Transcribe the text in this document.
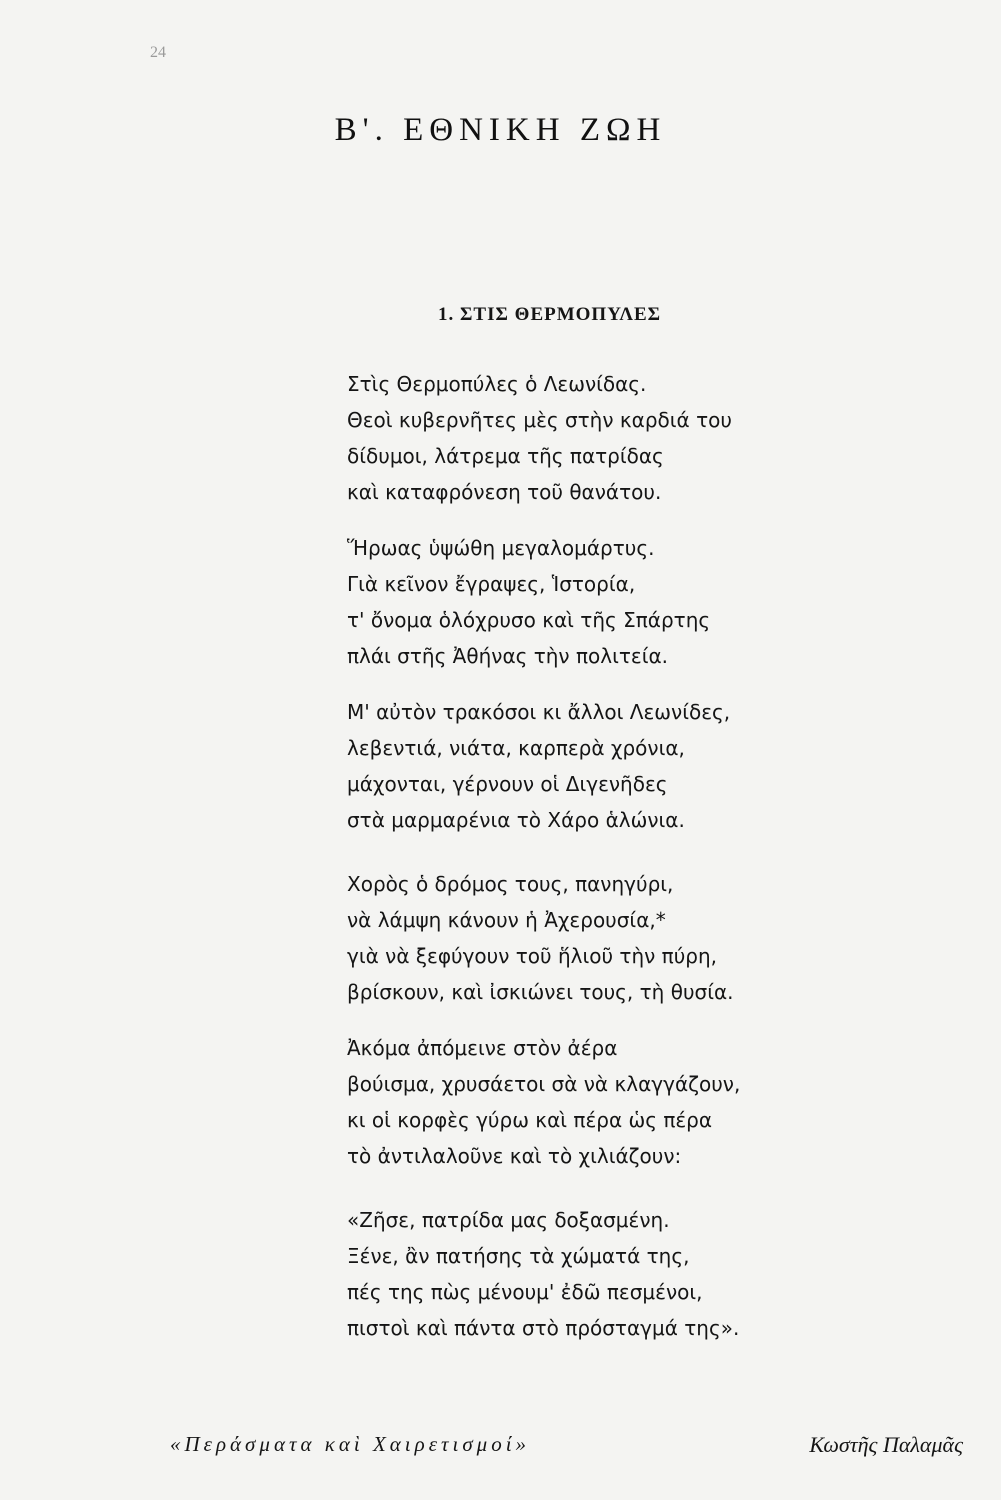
24
Β'. ΕΘΝΙΚΗ ΖΩΗ
1. ΣΤΙΣ ΘΕΡΜΟΠΥΛΕΣ
Στὶς Θερμοπύλες ὁ Λεωνίδας.
Θεοὶ κυβερνῆτες μὲς στὴν καρδιά του
δίδυμοι, λάτρεμα τῆς πατρίδας
καὶ καταφρόνεση τοῦ θανάτου.
Ἥρωας ὑψώθη μεγαλομάρτυς.
Γιὰ κεῖνον ἔγραψες, Ἱστορία,
τ' ὄνομα ὁλόχρυσο καὶ τῆς Σπάρτης
πλάι στῆς Ἀθήνας τὴν πολιτεία.
Μ' αὐτὸν τρακόσοι κι ἄλλοι Λεωνίδες,
λεβεντιά, νιάτα, καρπερὰ χρόνια,
μάχονται, γέρνουν οἱ Διγενῆδες
στὰ μαρμαρένια τὸ Χάρο ἁλώνια.
Χορὸς ὁ δρόμος τους, πανηγύρι,
νὰ λάμψη κάνουν ἡ Ἀχερουσία,*
γιὰ νὰ ξεφύγουν τοῦ ἥλιοῦ τὴν πύρη,
βρίσκουν, καὶ ἰσκιώνει τους, τὴ θυσία.
Ἀκόμα ἀπόμεινε στὸν ἀέρα
βούισμα, χρυσάετοι σὰ νὰ κλαγγάζουν,
κι οἱ κορφὲς γύρω καὶ πέρα ὡς πέρα
τὸ ἀντιλαλοῦνε καὶ τὸ χιλιάζουν:
«Ζῆσε, πατρίδα μας δοξασμένη.
Ξένε, ἂν πατήσης τὰ χώματά της,
πές της πὼς μένουμ' ἐδῶ πεσμένοι,
πιστοὶ καὶ πάντα στὸ πρόσταγμά της».
«Περάσματα καὶ Χαιρετισμοί»	Κωστῆς Παλαμᾶς
